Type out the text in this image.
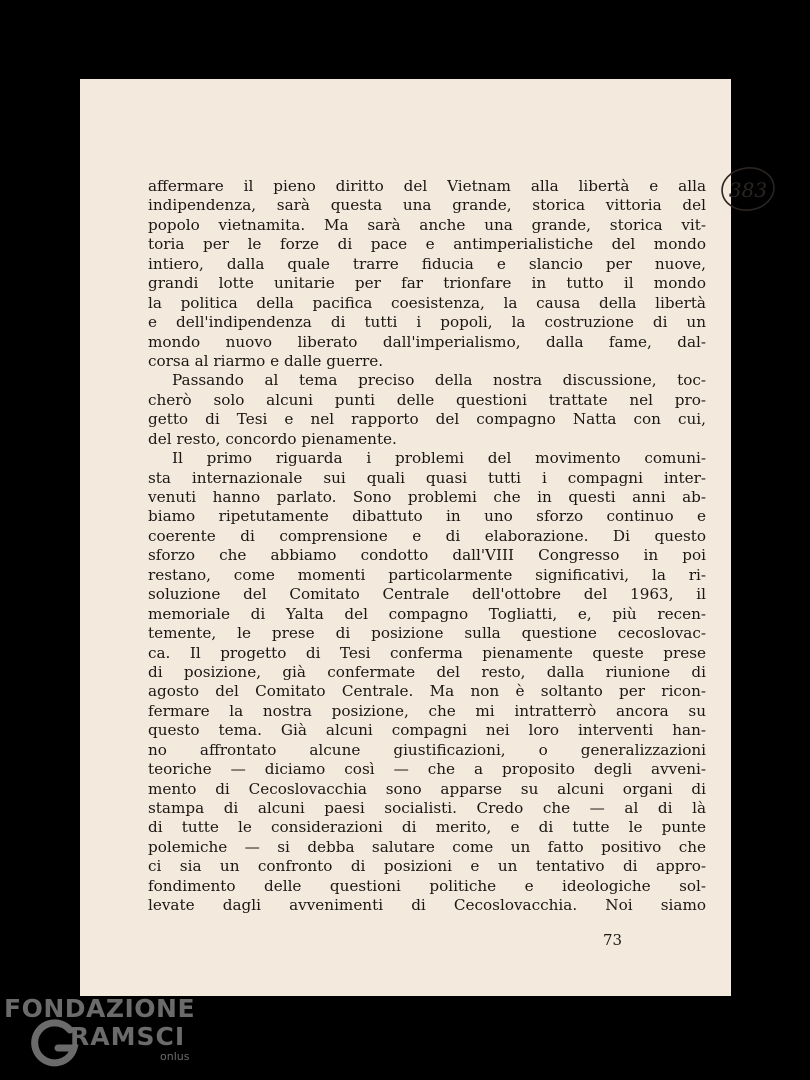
383
affermare il pieno diritto del Vietnam alla libertà e alla
indipendenza, sarà questa una grande, storica vittoria del
popolo vietnamita. Ma sarà anche una grande, storica vit-
toria per le forze di pace e antimperialistiche del mondo
intiero, dalla quale trarre fiducia e slancio per nuove,
grandi lotte unitarie per far trionfare in tutto il mondo
la politica della pacifica coesistenza, la causa della libertà
e dell'indipendenza di tutti i popoli, la costruzione di un
mondo nuovo liberato dall'imperialismo, dalla fame, dal-
corsa al riarmo e dalle guerre.
Passando al tema preciso della nostra discussione, toc-
cherò solo alcuni punti delle questioni trattate nel pro-
getto di Tesi e nel rapporto del compagno Natta con cui,
del resto, concordo pienamente.
Il primo riguarda i problemi del movimento comuni-
sta internazionale sui quali quasi tutti i compagni inter-
venuti hanno parlato. Sono problemi che in questi anni ab-
biamo ripetutamente dibattuto in uno sforzo continuo e
coerente di comprensione e di elaborazione. Di questo
sforzo che abbiamo condotto dall'VIII Congresso in poi
restano, come momenti particolarmente significativi, la ri-
soluzione del Comitato Centrale dell'ottobre del 1963, il
memoriale di Yalta del compagno Togliatti, e, più recen-
temente, le prese di posizione sulla questione cecoslovac-
ca. Il progetto di Tesi conferma pienamente queste prese
di posizione, già confermate del resto, dalla riunione di
agosto del Comitato Centrale. Ma non è soltanto per ricon-
fermare la nostra posizione, che mi intratterrò ancora su
questo tema. Già alcuni compagni nei loro interventi han-
no affrontato alcune giustificazioni, o generalizzazioni
teoriche — diciamo così — che a proposito degli avveni-
mento di Cecoslovacchia sono apparse su alcuni organi di
stampa di alcuni paesi socialisti. Credo che — al di là
di tutte le considerazioni di merito, e di tutte le punte
polemiche — si debba salutare come un fatto positivo che
ci sia un confronto di posizioni e un tentativo di appro-
fondimento delle questioni politiche e ideologiche sol-
levate dagli avvenimenti di Cecoslovacchia. Noi siamo
73
FONDAZIONE
RAMSCI
onlus
